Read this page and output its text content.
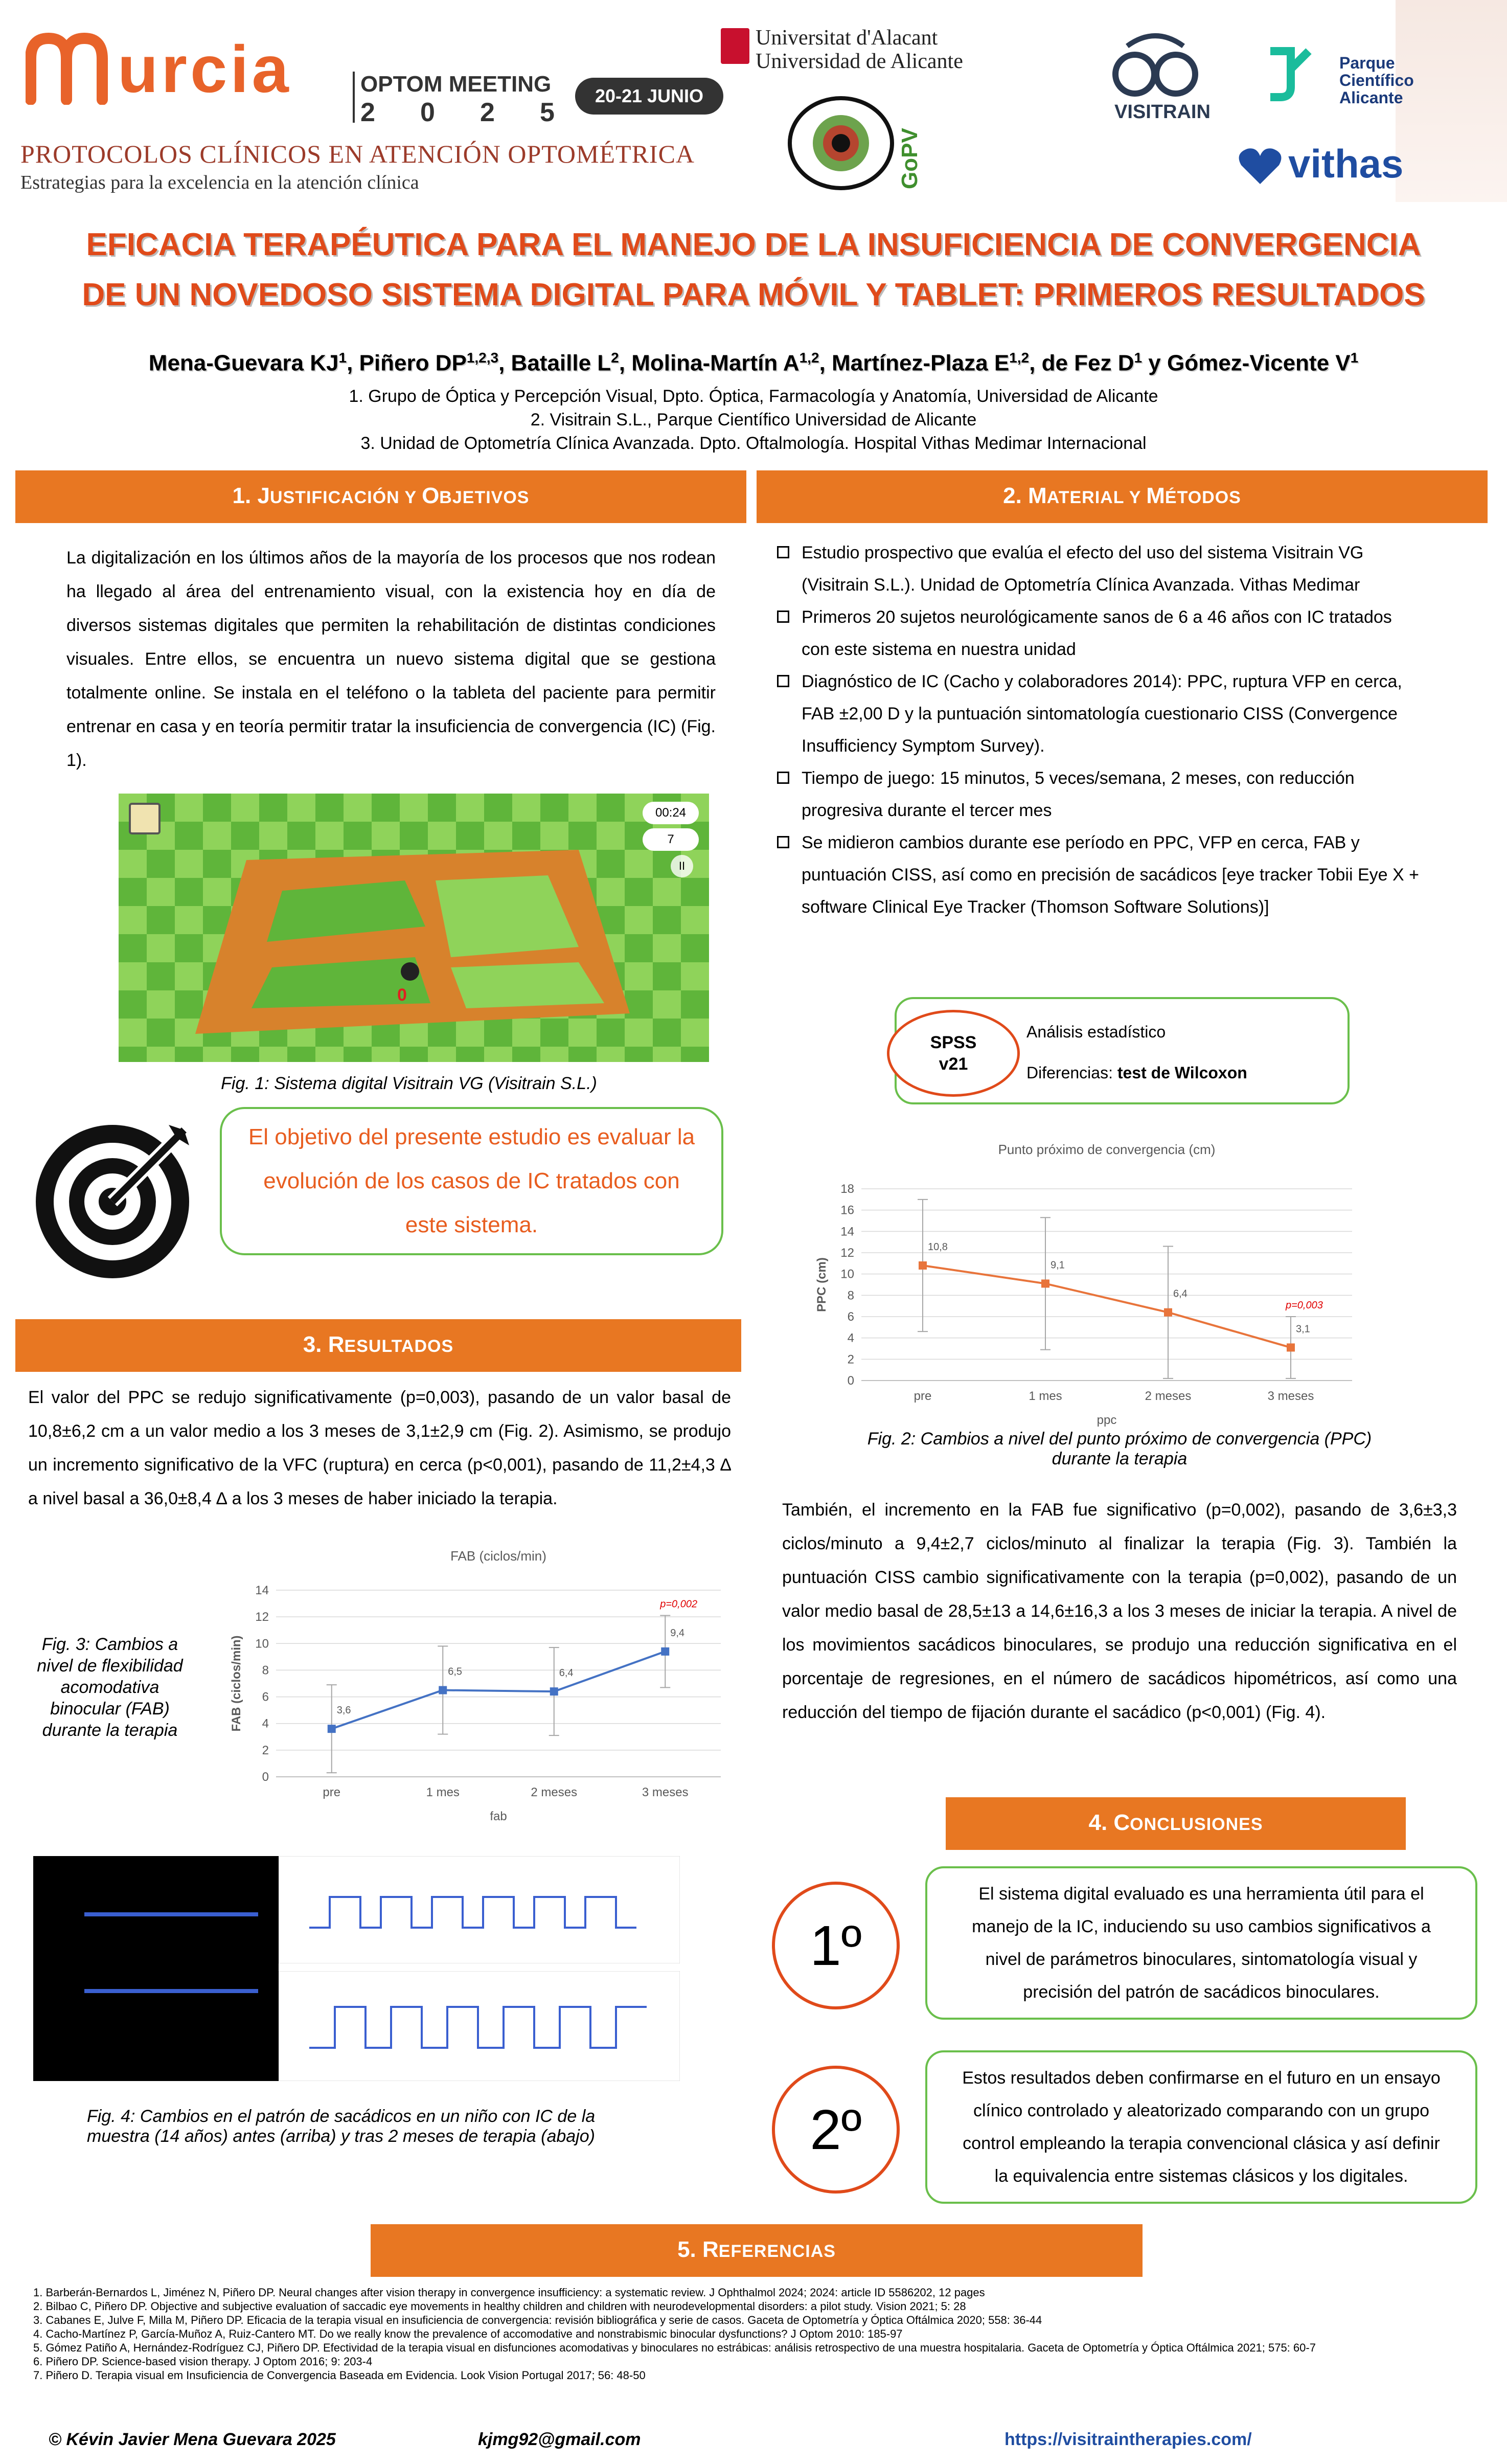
urcia	OPTOM MEETING
2 0 2 5
20-21 JUNIO
PROTOCOLOS CLÍNICOS EN ATENCIÓN OPTOMÉTRICA
Estrategias para la excelencia en la atención clínica
Universitat d'Alacant
Universidad de Alicante
GoPV
VISITRAIN
Parque
Científico
Alicante
vithas
EFICACIA TERAPÉUTICA PARA EL MANEJO DE LA INSUFICIENCIA DE CONVERGENCIA
DE UN NOVEDOSO SISTEMA DIGITAL PARA MÓVIL Y TABLET: PRIMEROS RESULTADOS
Mena-Guevara $KJ^1$, Piñero DP$^{1,2,3}$, Bataille $L^2$, Molina-Martín A$^{1,2}$, Martínez-Plaza E$^{1,2}$, de Fez $D^1$ y Gómez-Vicente $V^1$
1. Grupo de Óptica y Percepción Visual, Dpto. Óptica, Farmacología y Anatomía, Universidad de Alicante
2. Visitrain S.L., Parque Científico Universidad de Alicante
3. Unidad de Optometría Clínica Avanzada. Dpto. Oftalmología. Hospital Vithas Medimar Internacional
1. JUSTIFICACIÓN Y OBJETIVOS	2. MATERIAL Y MÉTODOS
La digitalización en los últimos años de la mayoría de los procesos que nos rodean ha llegado al área del entrenamiento visual, con la existencia hoy en día de diversos sistemas digitales que permiten la rehabilitación de distintas condiciones visuales. Entre ellos, se encuentra un nuevo sistema digital que se gestiona totalmente online. Se instala en el teléfono o la tableta del paciente para permitir entrenar en casa y en teoría permitir tratar la insuficiencia de convergencia (IC) (Fig. 1).
00:24
7
II
0
Fig. 1: Sistema digital Visitrain VG (Visitrain S.L.)
El objetivo del presente estudio es evaluar la evolución de los casos de IC tratados con este sistema.
Estudio prospectivo que evalúa el efecto del uso del sistema Visitrain VG (Visitrain S.L.). Unidad de Optometría Clínica Avanzada. Vithas Medimar
Primeros 20 sujetos neurológicamente sanos de 6 a 46 años con IC tratados con este sistema en nuestra unidad
Diagnóstico de IC (Cacho y colaboradores 2014): PPC, ruptura VFP en cerca, FAB ±2,00 D y la puntuación sintomatología cuestionario CISS (Convergence Insufficiency Symptom Survey).
Tiempo de juego: 15 minutos, 5 veces/semana, 2 meses, con reducción progresiva durante el tercer mes
Se midieron cambios durante ese período en PPC, VFP en cerca, FAB y puntuación CISS, así como en precisión de sacádicos [eye tracker Tobii Eye X + software Clinical Eye Tracker (Thomson Software Solutions)]
SPSS
v21
Análisis estadístico
Diferencias: test de Wilcoxon
3. RESULTADOS
El valor del PPC se redujo significativamente (p=0,003), pasando de un valor basal de 10,8±6,2 cm a un valor medio a los 3 meses de 3,1±2,9 cm (Fig. 2). Asimismo, se produjo un incremento significativo de la VFC (ruptura) en cerca (p<0,001), pasando de 11,2±4,3 ∆ a nivel basal a 36,0±8,4 ∆ a los 3 meses de haber iniciado la terapia.
Punto próximo de convergencia (cm)
0
2
4
6
8
10
12
14
16
18
pre	1 mes	2 meses	3 meses
ppc
PPC (cm)
10,8
9,1
6,4
3,1
p=0,003
Fig. 2: Cambios a nivel del punto próximo de convergencia (PPC) durante la terapia
Fig. 3: Cambios a nivel de flexibilidad acomodativa binocular (FAB) durante la terapia
FAB (ciclos/min)
0
2
4
6
8
10
12
14
pre	1 mes	2 meses	3 meses
fab
FAB (ciclos/min)	3,6
6,5	6,4
9,4
p=0,002
También, el incremento en la FAB fue significativo (p=0,002), pasando de 3,6±3,3 ciclos/minuto a 9,4±2,7 ciclos/minuto al finalizar la terapia (Fig. 3). También la puntuación CISS cambio significativamente con la terapia (p=0,002), pasando de un valor medio basal de 28,5±13 a 14,6±16,3 a los 3 meses de iniciar la terapia. A nivel de los movimientos sacádicos binoculares, se produjo una reducción significativa en el porcentaje de regresiones, en el número de sacádicos hipométricos, así como una reducción del tiempo de fijación durante el sacádico (p<0,001) (Fig. 4).
Fig. 4: Cambios en el patrón de sacádicos en un niño con IC de la muestra (14 años) antes (arriba) y tras 2 meses de terapia (abajo)
4. CONCLUSIONES
El sistema digital evaluado es una herramienta útil para el manejo de la IC, induciendo su uso cambios significativos a nivel de parámetros binoculares, sintomatología visual y precisión del patrón de sacádicos binoculares.
1º
Estos resultados deben confirmarse en el futuro en un ensayo clínico controlado y aleatorizado comparando con un grupo control empleando la terapia convencional clásica y así definir la equivalencia entre sistemas clásicos y los digitales.
2º
5. REFERENCIAS
1. Barberán-Bernardos L, Jiménez N, Piñero DP. Neural changes after vision therapy in convergence insufficiency: a systematic review. J Ophthalmol 2024; 2024: article ID 5586202, 12 pages
2. Bilbao C, Piñero DP. Objective and subjective evaluation of saccadic eye movements in healthy children and children with neurodevelopmental disorders: a pilot study. Vision 2021; 5: 28
3. Cabanes E, Julve F, Milla M, Piñero DP. Eficacia de la terapia visual en insuficiencia de convergencia: revisión bibliográfica y serie de casos. Gaceta de Optometría y Óptica Oftálmica 2020; 558: 36-44
4. Cacho-Martínez P, García-Muñoz A, Ruiz-Cantero MT. Do we really know the prevalence of accomodative and nonstrabismic binocular dysfunctions? J Optom 2010: 185-97
5. Gómez Patiño A, Hernández-Rodríguez CJ, Piñero DP. Efectividad de la terapia visual en disfunciones acomodativas y binoculares no estrábicas: análisis retrospectivo de una muestra hospitalaria. Gaceta de Optometría y Óptica Oftálmica 2021; 575: 60-7
6. Piñero DP. Science-based vision therapy. J Optom 2016; 9: 203-4
7. Piñero D. Terapia visual em Insuficiencia de Convergencia Baseada em Evidencia. Look Vision Portugal 2017; 56: 48-50
© Kévin Javier Mena Guevara 2025	kjmg92@gmail.com	https://visitraintherapies.com/
